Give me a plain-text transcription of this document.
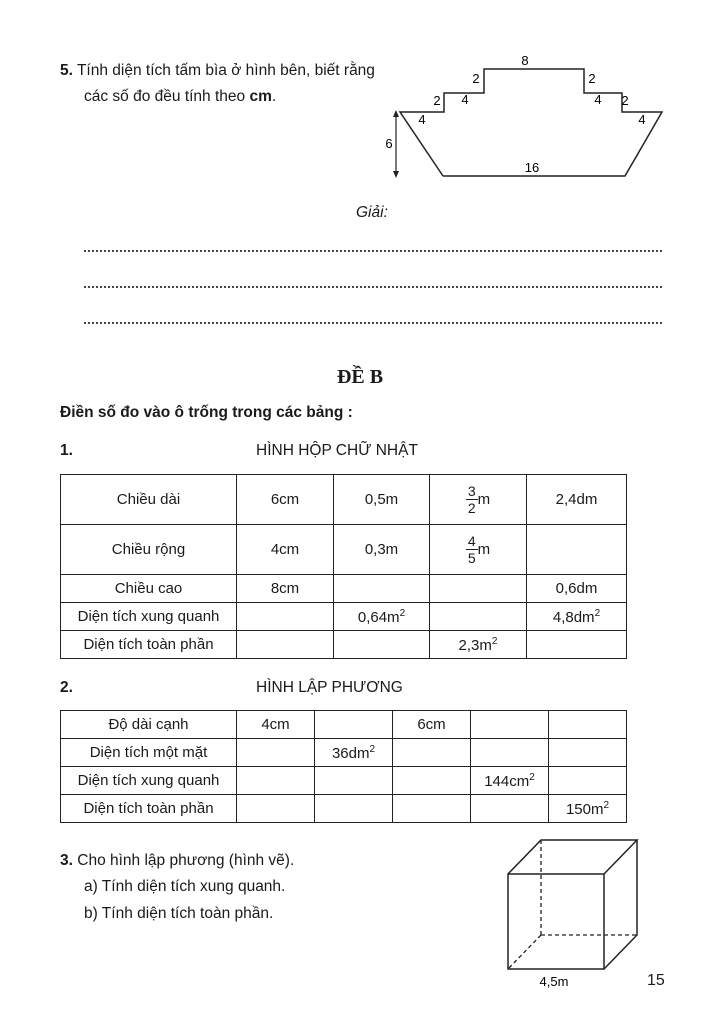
5. Tính diện tích tấm bìa ở hình bên, biết rằng
các số đo đều tính theo cm.
8
2	2
4
2	4 2
4	4
6
16
Giải:
ĐỀ B
Điền số đo vào ô trống trong các bảng :
1.	HÌNH HỘP CHỮ NHẬT
Chiều dài	6cm	0,5m	$\frac{3}{2}$ m	2,4dm
Chiều rộng	4cm	0,3m	$\frac{4}{5}$ m	

Chiều cao	8cm			0,6dm
Diện tích xung quanh		$0,64m^2$		$4,8dm^2$
Diện tích toàn phần			$2,3m^2$	
2.	HÌNH LẬP PHƯƠNG
Độ dài cạnh	4cm		6cm		
Diện tích một mặt		$36dm^2$			
Diện tích xung quanh				$144cm^2$	
Diện tích toàn phần					$150m^2$
3. Cho hình lập phương (hình vẽ).
a) Tính diện tích xung quanh.
b) Tính diện tích toàn phần.
4,5m	15
